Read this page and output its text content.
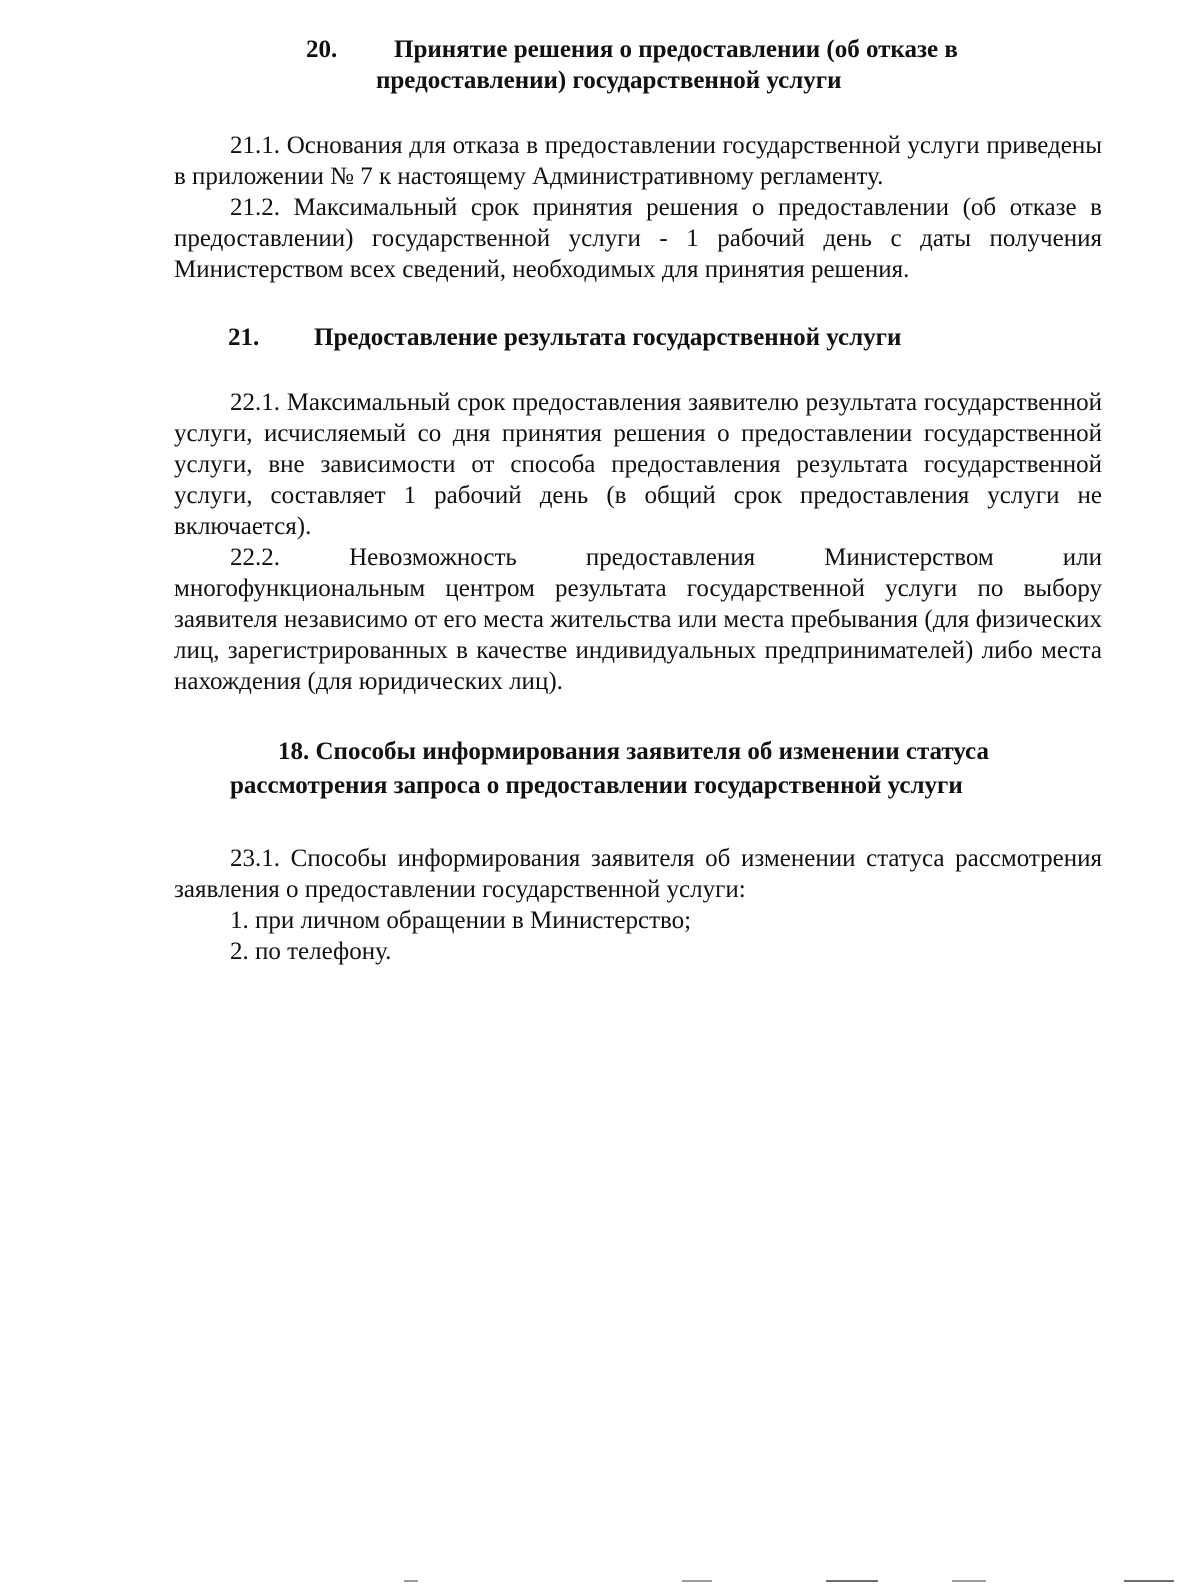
20. Принятие решения о предоставлении (об отказе в
предоставлении) государственной услуги

21.1. Основания для отказа в предоставлении государственной услуги приведены в приложении № 7 к настоящему Административному регламенту.

21.2. Максимальный срок принятия решения о предоставлении (об отказе в предоставлении) государственной услуги - 1 рабочий день с даты получения Министерством всех сведений, необходимых для принятия решения.

21. Предоставление результата государственной услуги

22.1. Максимальный срок предоставления заявителю результата государственной услуги, исчисляемый со дня принятия решения о предоставлении государственной услуги, вне зависимости от способа предоставления результата государственной услуги, составляет 1 рабочий день (в общий срок предоставления услуги не включается).

22.2. Невозможность предоставления Министерством или многофункциональным центром результата государственной услуги по выбору заявителя независимо от его места жительства или места пребывания (для физических лиц, зарегистрированных в качестве индивидуальных предпринимателей) либо места нахождения (для юридических лиц).

18. Способы информирования заявителя об изменении статуса
рассмотрения запроса о предоставлении государственной услуги

23.1. Способы информирования заявителя об изменении статуса рассмотрения заявления о предоставлении государственной услуги:

1. при личном обращении в Министерство;

2. по телефону.
